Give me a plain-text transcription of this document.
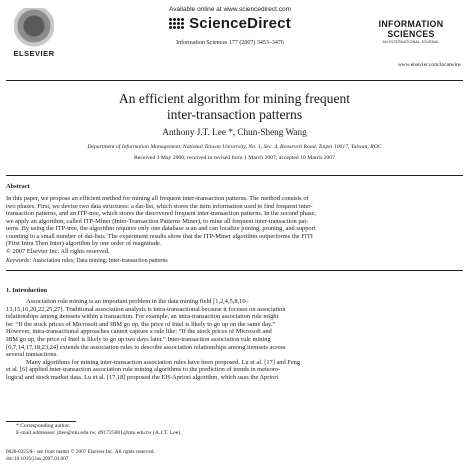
ELSEVIER
Available online at www.sciencedirect.com
ScienceDirect
Information Sciences 177 (2007) 3453–3476
INFORMATION
SCIENCES
AN INTERNATIONAL JOURNAL
www.elsevier.com/locate/ins
An efficient algorithm for mining frequent
inter-transaction patterns
Anthony J.T. Lee *, Chun-Sheng Wang
Department of Information Management, National Taiwan University, No. 1, Sec. 4, Roosevelt Road, Taipei 10617, Taiwan, ROC
Received 3 May 2006; received in revised form 1 March 2007; accepted 10 March 2007
Abstract

In this paper, we propose an efficient method for mining all frequent inter-transaction patterns. The method consists of

two phases. First, we devise two data structures: a dat-list, which stores the item information used to find frequent inter-

transaction patterns, and an ITP-tree, which stores the discovered frequent inter-transaction patterns. In the second phase,

we apply an algorithm, called ITP-Miner (Inter-Transaction Patterns Miner), to mine all frequent inter-transaction pat-

terns. By using the ITP-tree, the algorithm requires only one database scan and can localize joining, pruning, and support

counting to a small number of dat-lists. The experiment results show that the ITP-Miner algorithm outperforms the FITI

(First Intra Then Inter) algorithm by one order of magnitude.

© 2007 Elsevier Inc. All rights reserved.

Keywords: Association rules; Data mining; Inter-transaction patterns
1. Introduction

Association rule mining is an important problem in the data mining field [1,2,4,5,8,10–

13,15,16,20,22,25,27]. Traditional association analysis is intra-transactional because it focuses on association

relationships among itemsets within a transaction. For example, an intra-transaction association rule might

be: “If the stock prices of Microsoft and IBM go up, the price of Intel is likely to go up on the same day.”

However, intra-transactional approaches cannot capture a rule like: “If the stock prices of Microsoft and

IBM go up, the price of Intel is likely to go up two days later.” Inter-transaction association rule mining

[6,7,14,17,18,23,24] extends the association rules to describe association relationships among itemsets across

several transactions.

Many algorithms for mining inter-transaction association rules have been proposed. Lu et al. [17] and Feng

et al. [6] applied inter-transaction association rule mining algorithms to the prediction of trends in meteoro-

logical and stock market data. Lu et al. [17,18] proposed the EH-Apriori algorithm, which uses the Apriori

* Corresponding author.
E-mail addresses: jtlee@ntu.edu.tw, d91725001@ntu.edu.tw (A.J.T. Lee).
0020-0255/$ - see front matter © 2007 Elsevier Inc. All rights reserved.
doi:10.1016/j.ins.2007.03.007
